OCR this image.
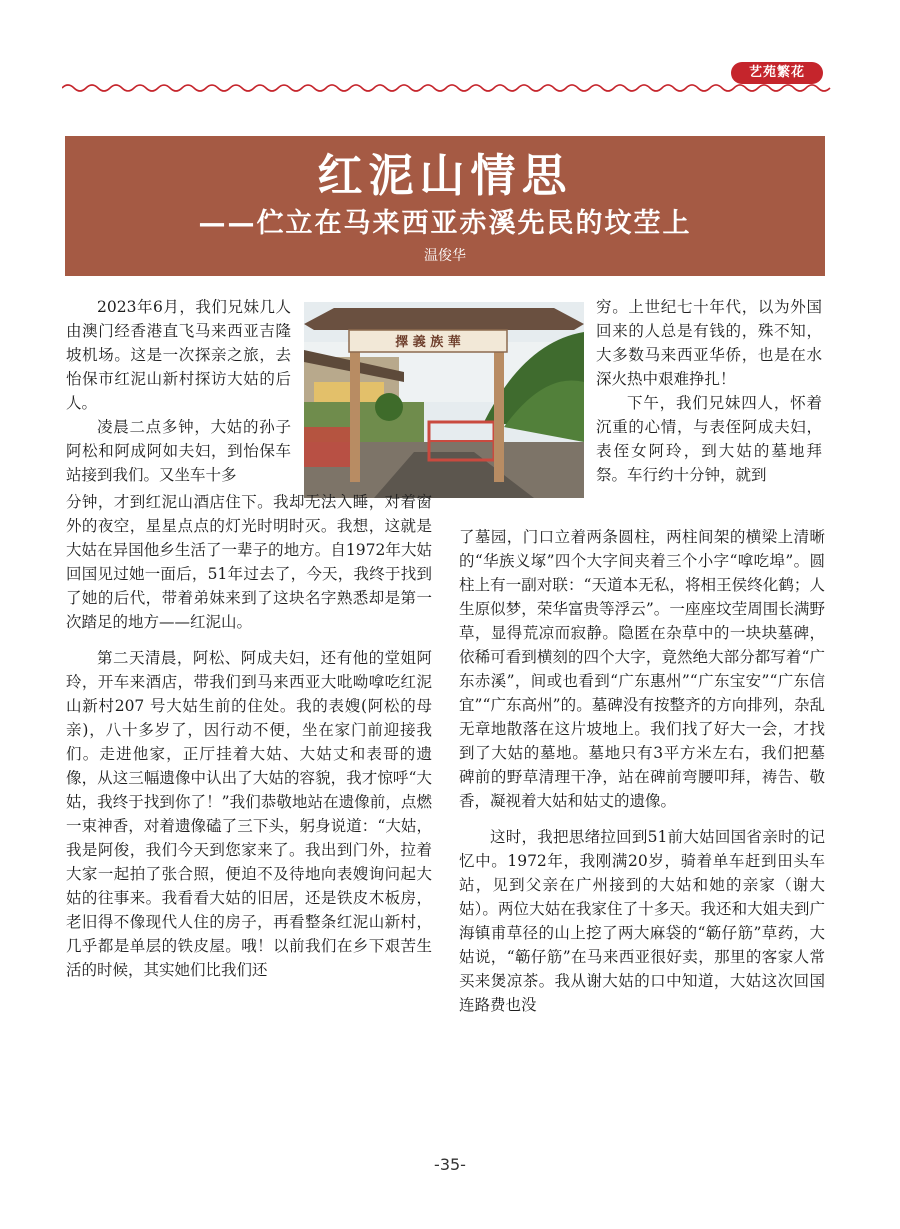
艺苑繁花
红泥山情思
——伫立在马来西亚赤溪先民的坟茔上
温俊华
擇 義 族 華

2023年6月，我们兄妹几人由澳门经香港直飞马来西亚吉隆坡机场。这是一次探亲之旅，去怡保市红泥山新村探访大姑的后人。

凌晨二点多钟，大姑的孙子阿松和阿成阿如夫妇，到怡保车站接到我们。又坐车十多

分钟，才到红泥山酒店住下。我却无法入睡，对着窗外的夜空，星星点点的灯光时明时灭。我想，这就是大姑在异国他乡生活了一辈子的地方。自1972年大姑回国见过她一面后，51年过去了，今天，我终于找到了她的后代，带着弟妹来到了这块名字熟悉却是第一次踏足的地方——红泥山。

第二天清晨，阿松、阿成夫妇，还有他的堂姐阿玲，开车来酒店，带我们到马来西亚大吡呦嗱吃红泥山新村207 号大姑生前的住处。我的表嫂(阿松的母亲)，八十多岁了，因行动不便，坐在家门前迎接我们。走进他家，正厅挂着大姑、大姑丈和表哥的遗像，从这三幅遗像中认出了大姑的容貌，我才惊呼“大姑，我终于找到你了！”我们恭敬地站在遗像前，点燃一束神香，对着遗像磕了三下头，躬身说道：“大姑，我是阿俊，我们今天到您家来了。我出到门外，拉着大家一起拍了张合照，便迫不及待地向表嫂询问起大姑的往事来。我看看大姑的旧居，还是铁皮木板房，老旧得不像现代人住的房子，再看整条红泥山新村，几乎都是单层的铁皮屋。哦！以前我们在乡下艰苦生活的时候，其实她们比我们还

穷。上世纪七十年代，以为外国回来的人总是有钱的，殊不知，大多数马来西亚华侨，也是在水深火热中艰难挣扎！

下午，我们兄妹四人，怀着沉重的心情，与表侄阿成夫妇，表侄女阿玲，到大姑的墓地拜祭。车行约十分钟，就到

了墓园，门口立着两条圆柱，两柱间架的横梁上清晰的“华族义塚”四个大字间夹着三个小字“嗱吃埠”。圆柱上有一副对联：“天道本无私，将相王侯终化鹤；人生原似梦，荣华富贵等浮云”。一座座坟茔周围长满野草，显得荒凉而寂静。隐匿在杂草中的一块块墓碑，依稀可看到横刻的四个大字，竟然绝大部分都写着“广东赤溪”，间或也看到“广东惠州”“广东宝安”“广东信宜”“广东高州”的。墓碑没有按整齐的方向排列，杂乱无章地散落在这片坡地上。我们找了好大一会，才找到了大姑的墓地。墓地只有3平方米左右，我们把墓碑前的野草清理干净，站在碑前弯腰叩拜，祷告、敬香，凝视着大姑和姑丈的遗像。

这时，我把思绪拉回到51前大姑回国省亲时的记忆中。1972年，我刚满20岁，骑着单车赶到田头车站，见到父亲在广州接到的大姑和她的亲家（谢大姑）。两位大姑在我家住了十多天。我还和大姐夫到广海镇甫草径的山上挖了两大麻袋的“簕仔筋”草药，大姑说，“簕仔筋”在马来西亚很好卖，那里的客家人常买来煲凉茶。我从谢大姑的口中知道，大姑这次回国连路费也没

-35-
